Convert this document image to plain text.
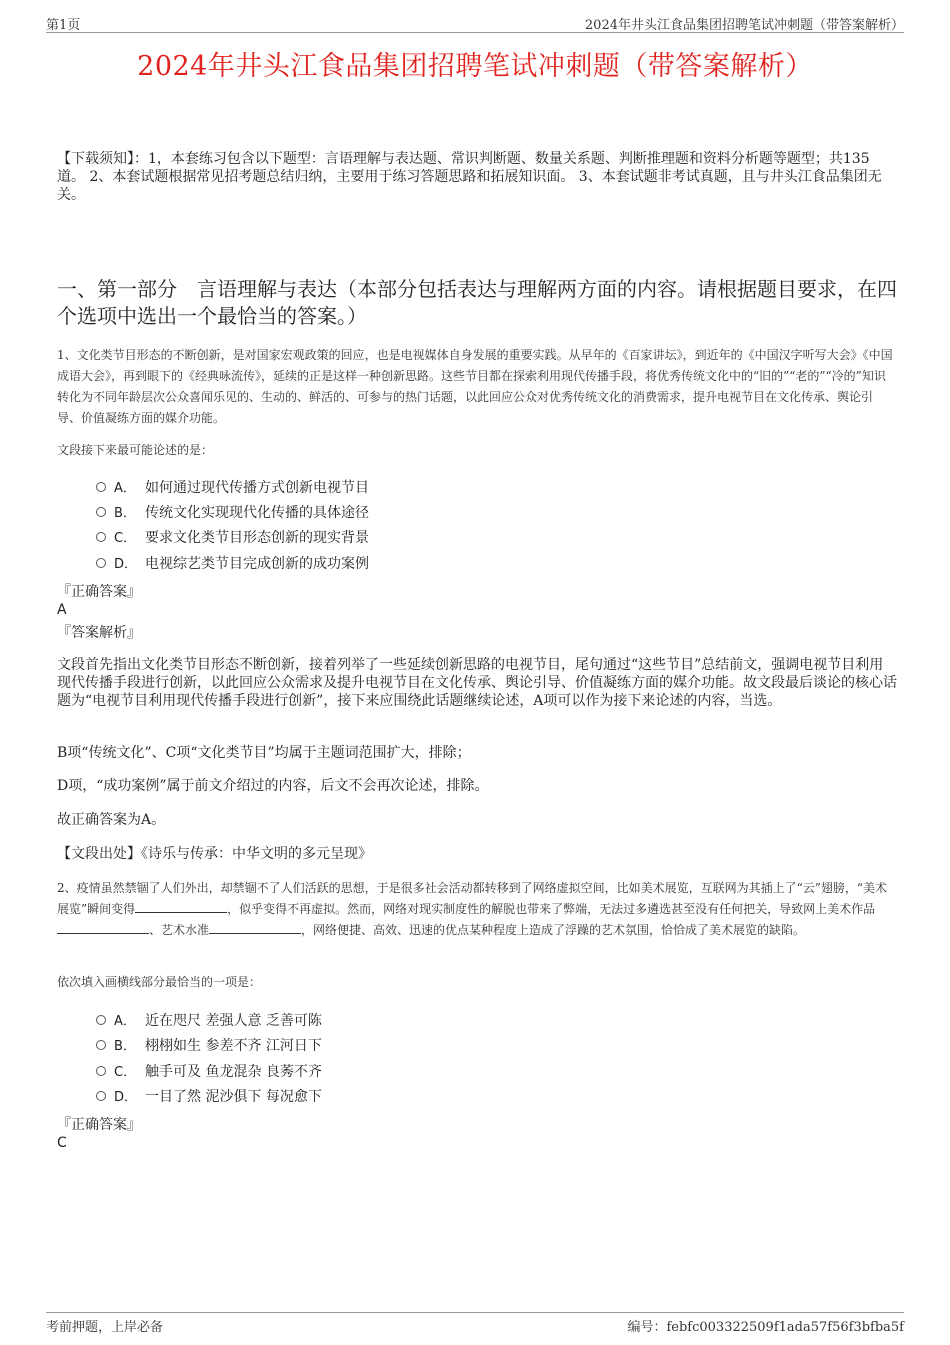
第1页	2024年井头江食品集团招聘笔试冲刺题（带答案解析）
2024年井头江食品集团招聘笔试冲刺题（带答案解析）
【下载须知】：1，本套练习包含以下题型：言语理解与表达题、常识判断题、数量关系题、判断推理题和资料分析题等题型；共135道。 2、本套试题根据常见招考题总结归纳，主要用于练习答题思路和拓展知识面。 3、本套试题非考试真题，且与井头江食品集团无关。
一、第一部分　言语理解与表达（本部分包括表达与理解两方面的内容。请根据题目要求，在四个选项中选出一个最恰当的答案。）
1、文化类节目形态的不断创新，是对国家宏观政策的回应，也是电视媒体自身发展的重要实践。从早年的《百家讲坛》，到近年的《中国汉字听写大会》《中国成语大会》，再到眼下的《经典咏流传》，延续的正是这样一种创新思路。这些节目都在探索利用现代传播手段，将优秀传统文化中的“旧的”“老的”“冷的”知识转化为不同年龄层次公众喜闻乐见的、生动的、鲜活的、可参与的热门话题，以此回应公众对优秀传统文化的消费需求，提升电视节目在文化传承、舆论引导、价值凝练方面的媒介功能。
文段接下来最可能论述的是：
A． 如何通过现代传播方式创新电视节目
B． 传统文化实现现代化传播的具体途径
C． 要求文化类节目形态创新的现实背景
D． 电视综艺类节目完成创新的成功案例
『正确答案』
A
『答案解析』
文段首先指出文化类节目形态不断创新，接着列举了一些延续创新思路的电视节目，尾句通过“这些节目”总结前文，强调电视节目利用现代传播手段进行创新，以此回应公众需求及提升电视节目在文化传承、舆论引导、价值凝练方面的媒介功能。故文段最后谈论的核心话题为“电视节目利用现代传播手段进行创新”，接下来应围绕此话题继续论述，A项可以作为接下来论述的内容，当选。
B项“传统文化”、C项“文化类节目”均属于主题词范围扩大，排除；
D项，“成功案例”属于前文介绍过的内容，后文不会再次论述，排除。
故正确答案为A。
【文段出处】《诗乐与传承：中华文明的多元呈现》
2、疫情虽然禁锢了人们外出，却禁锢不了人们活跃的思想，于是很多社会活动都转移到了网络虚拟空间，比如美术展览，互联网为其插上了“云”翅膀，“美术展览”瞬间变得	，似乎变得不再虚拟。然而，网络对现实制度性的解脱也带来了弊端，无法过多遴选甚至没有任何把关，导致网上美术作品、艺术水准	，网络便捷、高效、迅速的优点某种程度上造成了浮躁的艺术氛围，恰恰成了美术展览的缺陷。
依次填入画横线部分最恰当的一项是：
A． 近在咫尺 差强人意 乏善可陈
B． 栩栩如生 参差不齐 江河日下
C． 触手可及 鱼龙混杂 良莠不齐
D． 一目了然 泥沙俱下 每况愈下
『正确答案』
C
考前押题，上岸必备	编号：febfc003322509f1ada57f56f3bfba5f
